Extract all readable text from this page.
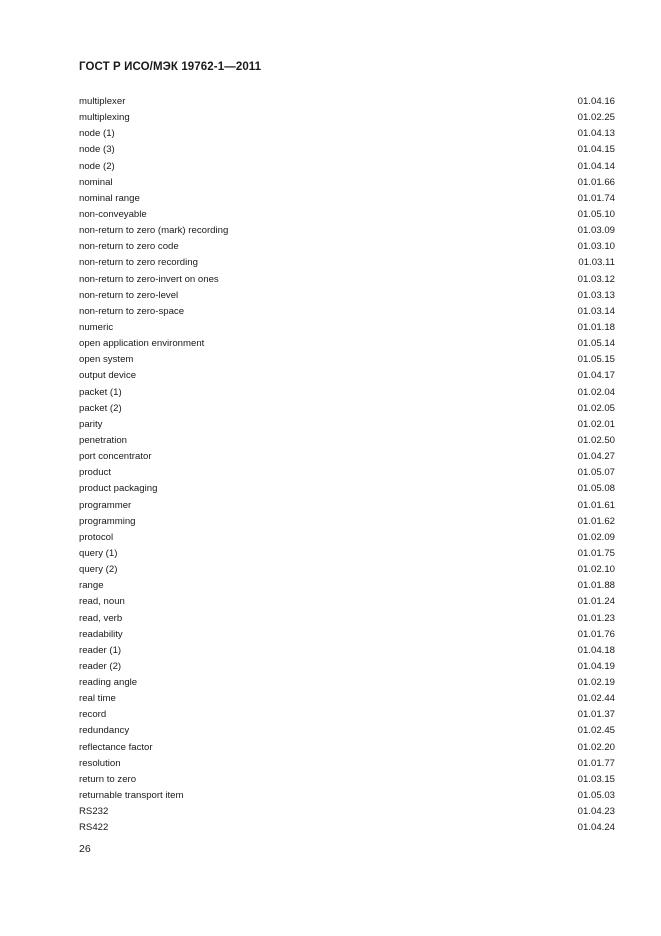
ГОСТ Р ИСО/МЭК 19762-1—2011
multiplexer	01.04.16
multiplexing	01.02.25
node (1)	01.04.13
node (3)	01.04.15
node (2)	01.04.14
nominal	01.01.66
nominal range	01.01.74
non-conveyable	01.05.10
non-return to zero (mark) recording	01.03.09
non-return to zero code	01.03.10
non-return to zero recording	01.03.11
non-return to zero-invert on ones	01.03.12
non-return to zero-level	01.03.13
non-return to zero-space	01.03.14
numeric	01.01.18
open application environment	01.05.14
open system	01.05.15
output device	01.04.17
packet (1)	01.02.04
packet (2)	01.02.05
parity	01.02.01
penetration	01.02.50
port concentrator	01.04.27
product	01.05.07
product packaging	01.05.08
programmer	01.01.61
programming	01.01.62
protocol	01.02.09
query (1)	01.01.75
query (2)	01.02.10
range	01.01.88
read, noun	01.01.24
read, verb	01.01.23
readability	01.01.76
reader (1)	01.04.18
reader (2)	01.04.19
reading angle	01.02.19
real time	01.02.44
record	01.01.37
redundancy	01.02.45
reflectance factor	01.02.20
resolution	01.01.77
return to zero	01.03.15
returnable transport item	01.05.03
RS232	01.04.23
RS422	01.04.24
26
